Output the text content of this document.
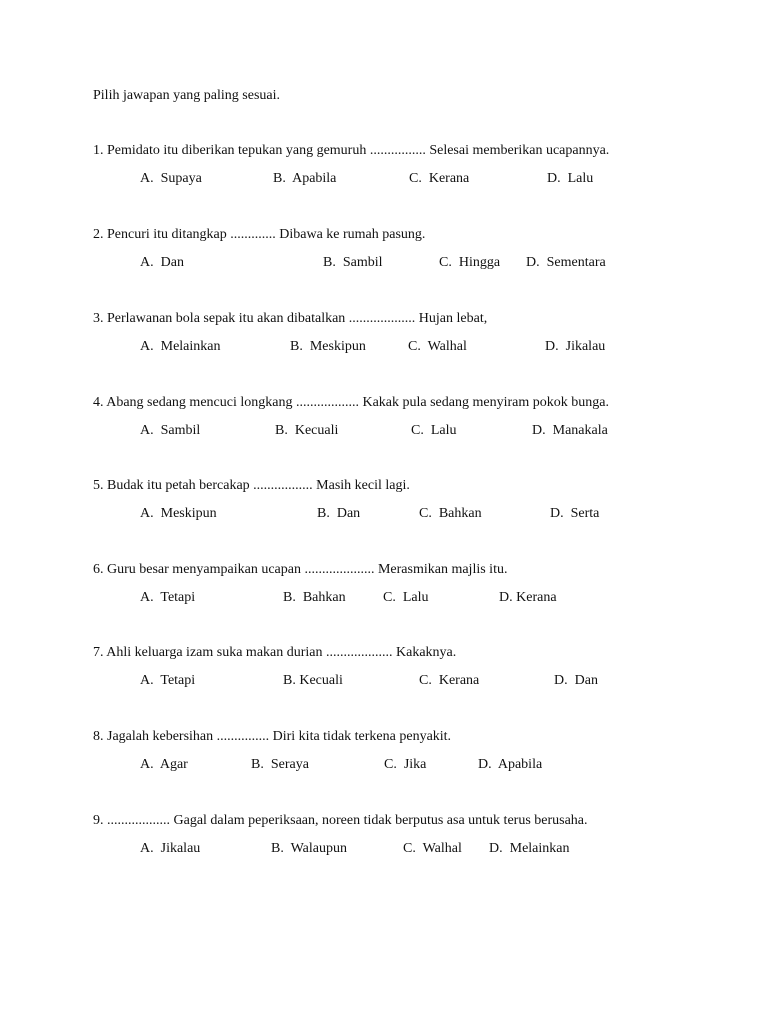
Pilih jawapan yang paling sesuai.
1. Pemidato itu diberikan tepukan yang gemuruh ................ Selesai memberikan ucapannya.
A. Supaya	B. Apabila	C. Kerana	D. Lalu
2. Pencuri itu ditangkap ............. Dibawa ke rumah pasung.
A. Dan	B. Sambil	C. Hingga D. Sementara
3. Perlawanan bola sepak itu akan dibatalkan ................... Hujan lebat,
A. Melainkan	B. Meskipun	C. Walhal	D. Jikalau
4. Abang sedang mencuci longkang .................. Kakak pula sedang menyiram pokok bunga.
A. Sambil	B. Kecuali	C. Lalu	D. Manakala
5. Budak itu petah bercakap ................. Masih kecil lagi.
A. Meskipun	B. Dan	C. Bahkan	D. Serta
6. Guru besar menyampaikan ucapan .................... Merasmikan majlis itu.
A. Tetapi	B. Bahkan	C. Lalu	D. Kerana
7. Ahli keluarga izam suka makan durian ................... Kakaknya.
A. Tetapi	B. Kecuali	C. Kerana	D. Dan
8. Jagalah kebersihan ............... Diri kita tidak terkena penyakit.
A. Agar	B. Seraya	C. Jika	D. Apabila
9. .................. Gagal dalam peperiksaan, noreen tidak berputus asa untuk terus berusaha.
A. Jikalau	B. Walaupun	C. Walhal D. Melainkan
